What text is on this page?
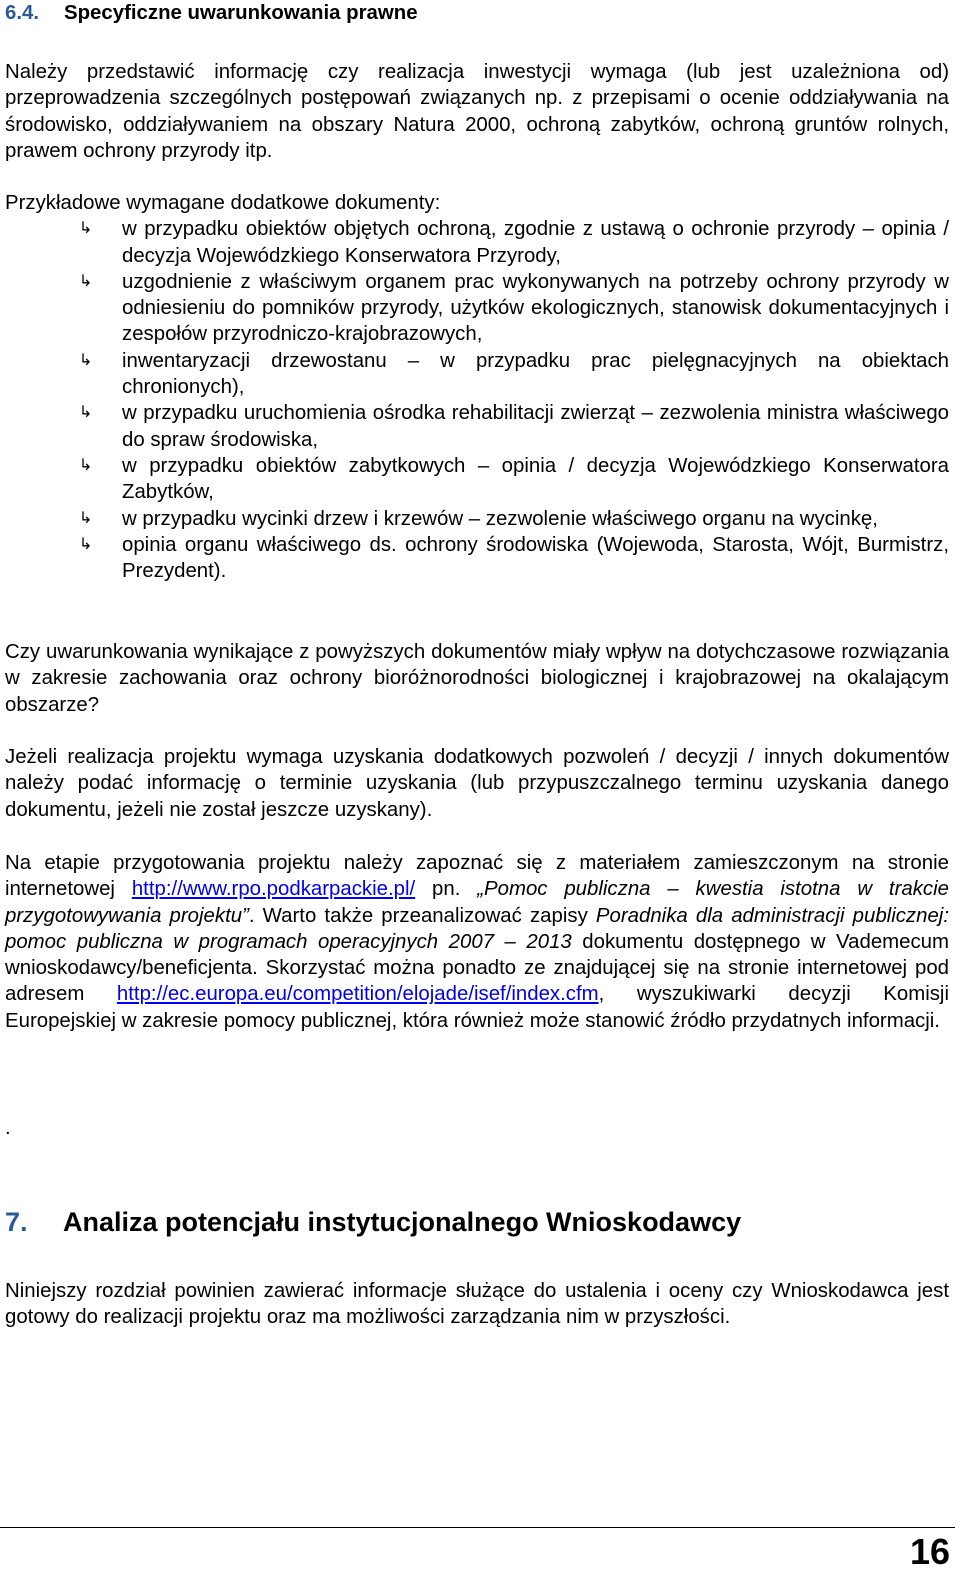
6.4. Specyficzne uwarunkowania prawne

Należy przedstawić informację czy realizacja inwestycji wymaga (lub jest uzależniona od) przeprowadzenia szczególnych postępowań związanych np. z przepisami o ocenie oddziaływania na środowisko, oddziaływaniem na obszary Natura 2000, ochroną zabytków, ochroną gruntów rolnych, prawem ochrony przyrody itp.

Przykładowe wymagane dodatkowe dokumenty:

↳ w przypadku obiektów objętych ochroną, zgodnie z ustawą o ochronie przyrody – opinia / decyzja Wojewódzkiego Konserwatora Przyrody,
↳ uzgodnienie z właściwym organem prac wykonywanych na potrzeby ochrony przyrody w odniesieniu do pomników przyrody, użytków ekologicznych, stanowisk dokumentacyjnych i zespołów przyrodniczo-krajobrazowych,
↳ inwentaryzacji drzewostanu – w przypadku prac pielęgnacyjnych na obiektach chronionych),
↳ w przypadku uruchomienia ośrodka rehabilitacji zwierząt – zezwolenia ministra właściwego do spraw środowiska,
↳ w przypadku obiektów zabytkowych – opinia / decyzja Wojewódzkiego Konserwatora Zabytków,
↳ w przypadku wycinki drzew i krzewów – zezwolenie właściwego organu na wycinkę,
↳ opinia organu właściwego ds. ochrony środowiska (Wojewoda, Starosta, Wójt, Burmistrz, Prezydent).

Czy uwarunkowania wynikające z powyższych dokumentów miały wpływ na dotychczasowe rozwiązania w zakresie zachowania oraz ochrony bioróżnorodności biologicznej i krajobrazowej na okalającym obszarze?

Jeżeli realizacja projektu wymaga uzyskania dodatkowych pozwoleń / decyzji / innych dokumentów należy podać informację o terminie uzyskania (lub przypuszczalnego terminu uzyskania danego dokumentu, jeżeli nie został jeszcze uzyskany).

Na etapie przygotowania projektu należy zapoznać się z materiałem zamieszczonym na stronie internetowej http://www.rpo.podkarpackie.pl/ pn. „Pomoc publiczna – kwestia istotna w trakcie przygotowywania projektu”. Warto także przeanalizować zapisy Poradnika dla administracji publicznej: pomoc publiczna w programach operacyjnych 2007 – 2013 dokumentu dostępnego w Vademecum wnioskodawcy/beneficjenta. Skorzystać można ponadto ze znajdującej się na stronie internetowej pod adresem http://ec.europa.eu/competition/elojade/isef/index.cfm, wyszukiwarki decyzji Komisji Europejskiej w zakresie pomocy publicznej, która również może stanowić źródło przydatnych informacji.

.
7. Analiza potencjału instytucjonalnego Wnioskodawcy

Niniejszy rozdział powinien zawierać informacje służące do ustalenia i oceny czy Wnioskodawca jest gotowy do realizacji projektu oraz ma możliwości zarządzania nim w przyszłości.

16
